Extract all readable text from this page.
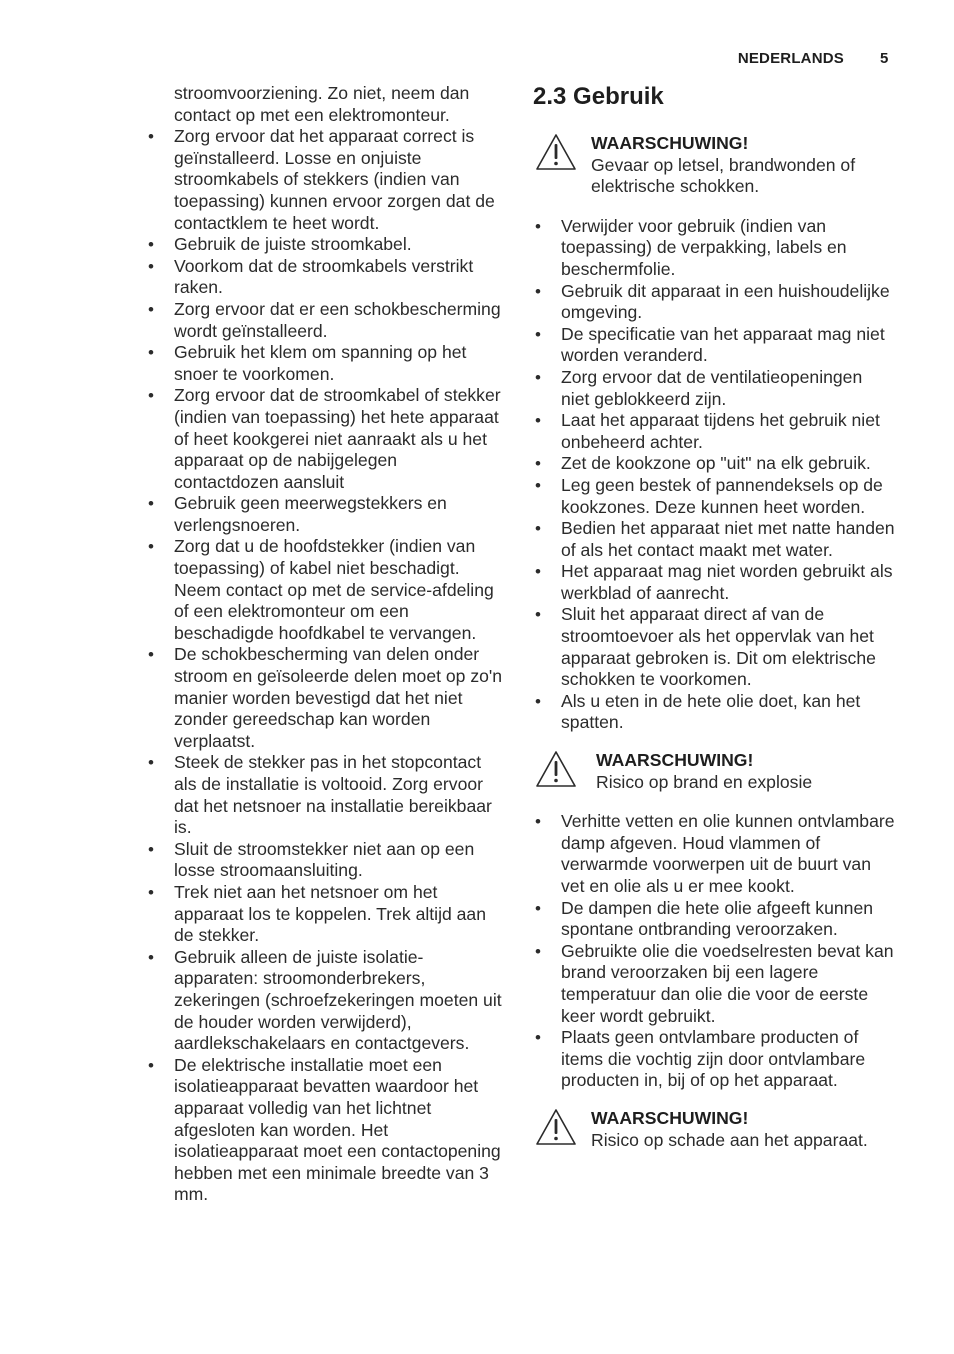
NEDERLANDS 5

stroomvoorziening. Zo niet, neem dan contact op met een elektromonteur.

• Zorg ervoor dat het apparaat correct is geïnstalleerd. Losse en onjuiste stroomkabels of stekkers (indien van toepassing) kunnen ervoor zorgen dat de contactklem te heet wordt.
• Gebruik de juiste stroomkabel.
• Voorkom dat de stroomkabels verstrikt raken.
• Zorg ervoor dat er een schokbescherming wordt geïnstalleerd.
• Gebruik het klem om spanning op het snoer te voorkomen.
• Zorg ervoor dat de stroomkabel of stekker (indien van toepassing) het hete apparaat of heet kookgerei niet aanraakt als u het apparaat op de nabijgelegen contactdozen aansluit
• Gebruik geen meerwegstekkers en verlengsnoeren.
• Zorg dat u de hoofdstekker (indien van toepassing) of kabel niet beschadigt. Neem contact op met de service-afdeling of een elektromonteur om een beschadigde hoofdkabel te vervangen.
• De schokbescherming van delen onder stroom en geïsoleerde delen moet op zo'n manier worden bevestigd dat het niet zonder gereedschap kan worden verplaatst.
• Steek de stekker pas in het stopcontact als de installatie is voltooid. Zorg ervoor dat het netsnoer na installatie bereikbaar is.
• Sluit de stroomstekker niet aan op een losse stroomaansluiting.
• Trek niet aan het netsnoer om het apparaat los te koppelen. Trek altijd aan de stekker.
• Gebruik alleen de juiste isolatie-apparaten: stroomonderbrekers, zekeringen (schroefzekeringen moeten uit de houder worden verwijderd), aardlekschakelaars en contactgevers.
• De elektrische installatie moet een isolatieapparaat bevatten waardoor het apparaat volledig van het lichtnet afgesloten kan worden. Het isolatieapparaat moet een contactopening hebben met een minimale breedte van 3 mm.
2.3 Gebruik
WAARSCHUWING!
Gevaar op letsel, brandwonden of elektrische schokken.
• Verwijder voor gebruik (indien van toepassing) de verpakking, labels en beschermfolie.
• Gebruik dit apparaat in een huishoudelijke omgeving.
• De specificatie van het apparaat mag niet worden veranderd.
• Zorg ervoor dat de ventilatieopeningen niet geblokkeerd zijn.
• Laat het apparaat tijdens het gebruik niet onbeheerd achter.
• Zet de kookzone op "uit" na elk gebruik.
• Leg geen bestek of pannendeksels op de kookzones. Deze kunnen heet worden.
• Bedien het apparaat niet met natte handen of als het contact maakt met water.
• Het apparaat mag niet worden gebruikt als werkblad of aanrecht.
• Sluit het apparaat direct af van de stroomtoevoer als het oppervlak van het apparaat gebroken is. Dit om elektrische schokken te voorkomen.
• Als u eten in de hete olie doet, kan het spatten.
WAARSCHUWING!
Risico op brand en explosie
• Verhitte vetten en olie kunnen ontvlambare damp afgeven. Houd vlammen of verwarmde voorwerpen uit de buurt van vet en olie als u er mee kookt.
• De dampen die hete olie afgeeft kunnen spontane ontbranding veroorzaken.
• Gebruikte olie die voedselresten bevat kan brand veroorzaken bij een lagere temperatuur dan olie die voor de eerste keer wordt gebruikt.
• Plaats geen ontvlambare producten of items die vochtig zijn door ontvlambare producten in, bij of op het apparaat.
WAARSCHUWING!
Risico op schade aan het apparaat.
